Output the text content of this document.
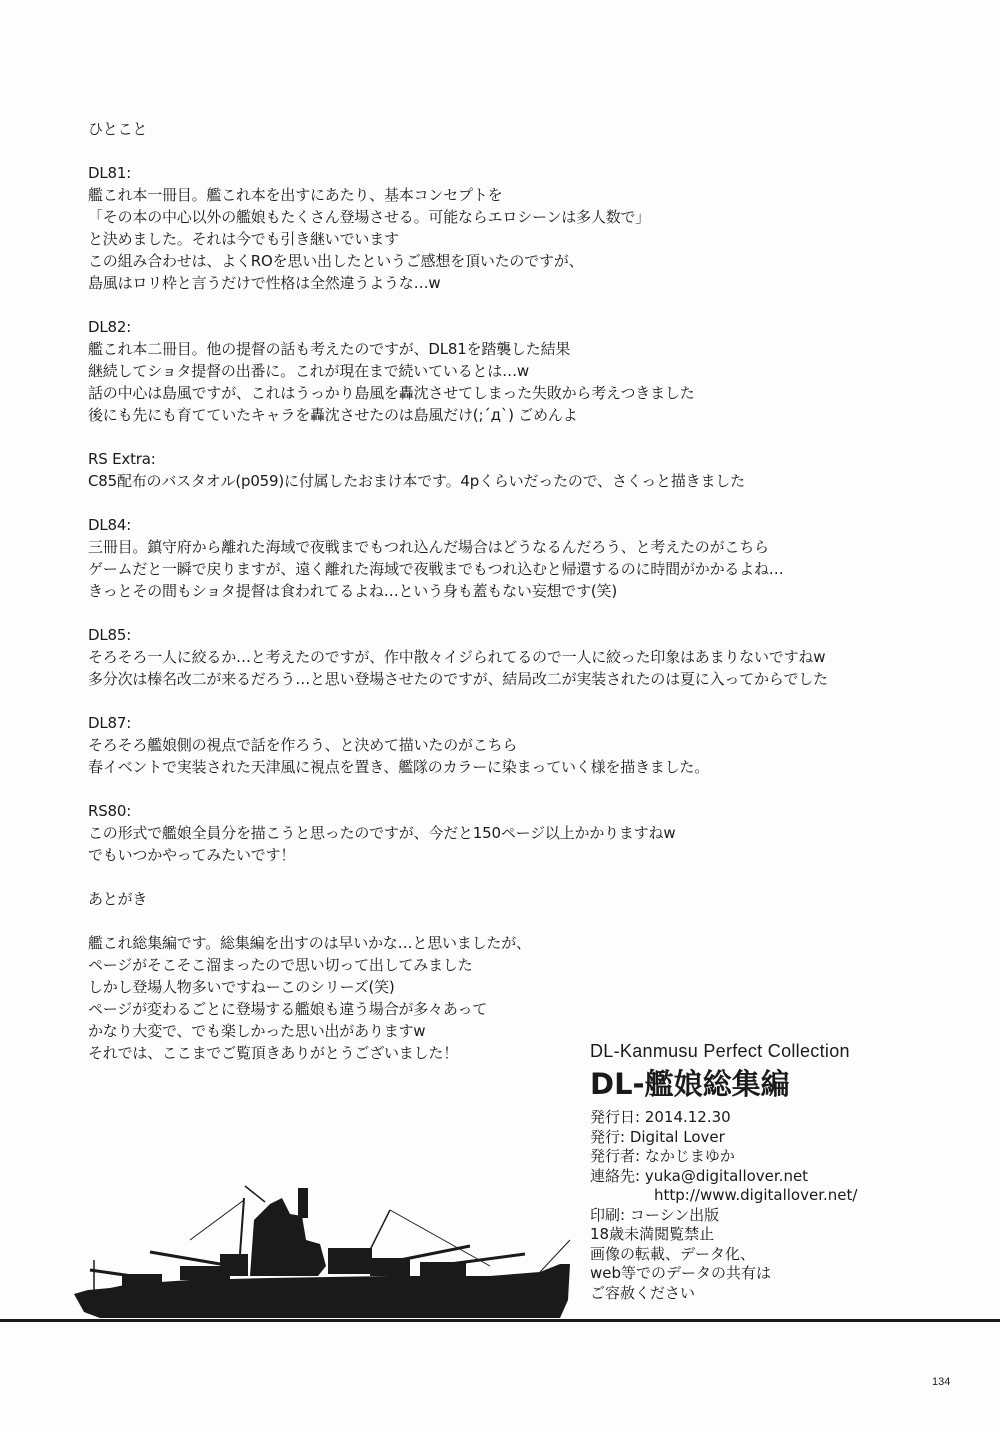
ひとこと

DL81:

艦これ本一冊目。艦これ本を出すにあたり、基本コンセプトを

「その本の中心以外の艦娘もたくさん登場させる。可能ならエロシーンは多人数で」

と決めました。それは今でも引き継いでいます

この組み合わせは、よくROを思い出したというご感想を頂いたのですが、

島風はロリ枠と言うだけで性格は全然違うような…w

DL82:

艦これ本二冊目。他の提督の話も考えたのですが、DL81を踏襲した結果

継続してショタ提督の出番に。これが現在まで続いているとは…w

話の中心は島風ですが、これはうっかり島風を轟沈させてしまった失敗から考えつきました

後にも先にも育てていたキャラを轟沈させたのは島風だけ(;´д`) ごめんよ

RS Extra:

C85配布のバスタオル(p059)に付属したおまけ本です。4pくらいだったので、さくっと描きました

DL84:

三冊目。鎮守府から離れた海域で夜戦までもつれ込んだ場合はどうなるんだろう、と考えたのがこちら

ゲームだと一瞬で戻りますが、遠く離れた海域で夜戦までもつれ込むと帰還するのに時間がかかるよね…

きっとその間もショタ提督は食われてるよね…という身も蓋もない妄想です(笑)

DL85:

そろそろ一人に絞るか…と考えたのですが、作中散々イジられてるので一人に絞った印象はあまりないですねw

多分次は榛名改二が来るだろう…と思い登場させたのですが、結局改二が実装されたのは夏に入ってからでした

DL87:

そろそろ艦娘側の視点で話を作ろう、と決めて描いたのがこちら

春イベントで実装された天津風に視点を置き、艦隊のカラーに染まっていく様を描きました。

RS80:

この形式で艦娘全員分を描こうと思ったのですが、今だと150ページ以上かかりますねw

でもいつかやってみたいです！

あとがき

艦これ総集編です。総集編を出すのは早いかな…と思いましたが、

ページがそこそこ溜まったので思い切って出してみました

しかし登場人物多いですねーこのシリーズ(笑)

ページが変わるごとに登場する艦娘も違う場合が多々あって

かなり大変で、でも楽しかった思い出がありますw

それでは、ここまでご覧頂きありがとうございました！	DL-Kanmusu Perfect Collection

DL-艦娘総集編

発行日: 2014.12.30

発行: Digital Lover

発行者: なかじまゆか

連絡先: yuka@digitallover.net

http://www.digitallover.net/

印刷: コーシン出版

18歳未満閲覧禁止

画像の転載、データ化、

web等でのデータの共有は

ご容赦ください

134
